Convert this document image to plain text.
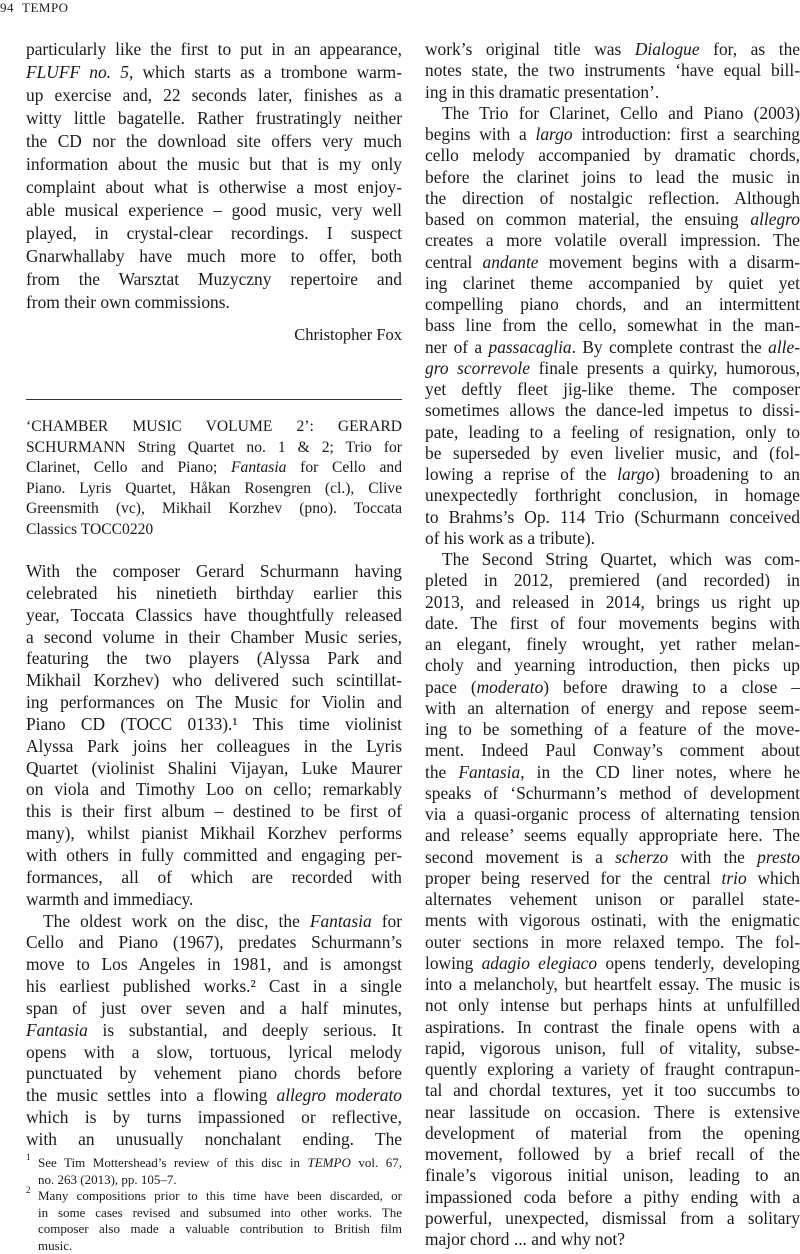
94 TEMPO
particularly like the first to put in an appearance,
FLUFF no. 5, which starts as a trombone warm-
up exercise and, 22 seconds later, finishes as a
witty little bagatelle. Rather frustratingly neither
the CD nor the download site offers very much
information about the music but that is my only
complaint about what is otherwise a most enjoy-
able musical experience – good music, very well
played, in crystal-clear recordings. I suspect
Gnarwhallaby have much more to offer, both
from the Warsztat Muzyczny repertoire and
from their own commissions.
Christopher Fox
‘CHAMBER MUSIC VOLUME 2’: GERARD
SCHURMANN String Quartet no. 1 & 2; Trio for
Clarinet, Cello and Piano; Fantasia for Cello and
Piano. Lyris Quartet, Håkan Rosengren (cl.), Clive
Greensmith (vc), Mikhail Korzhev (pno). Toccata
Classics TOCC0220
With the composer Gerard Schurmann having
celebrated his ninetieth birthday earlier this
year, Toccata Classics have thoughtfully released
a second volume in their Chamber Music series,
featuring the two players (Alyssa Park and
Mikhail Korzhev) who delivered such scintillat-
ing performances on The Music for Violin and
Piano CD (TOCC 0133).¹ This time violinist
Alyssa Park joins her colleagues in the Lyris
Quartet (violinist Shalini Vijayan, Luke Maurer
on viola and Timothy Loo on cello; remarkably
this is their first album – destined to be first of
many), whilst pianist Mikhail Korzhev performs
with others in fully committed and engaging per-
formances, all of which are recorded with
warmth and immediacy.
The oldest work on the disc, the Fantasia for
Cello and Piano (1967), predates Schurmann’s
move to Los Angeles in 1981, and is amongst
his earliest published works.² Cast in a single
span of just over seven and a half minutes,
Fantasia is substantial, and deeply serious. It
opens with a slow, tortuous, lyrical melody
punctuated by vehement piano chords before
the music settles into a flowing allegro moderato
which is by turns impassioned or reflective,
with an unusually nonchalant ending. The
work’s original title was Dialogue for, as the
notes state, the two instruments ‘have equal bill-
ing in this dramatic presentation’.
The Trio for Clarinet, Cello and Piano (2003)
begins with a largo introduction: first a searching
cello melody accompanied by dramatic chords,
before the clarinet joins to lead the music in
the direction of nostalgic reflection. Although
based on common material, the ensuing allegro
creates a more volatile overall impression. The
central andante movement begins with a disarm-
ing clarinet theme accompanied by quiet yet
compelling piano chords, and an intermittent
bass line from the cello, somewhat in the man-
ner of a passacaglia. By complete contrast the alle-
gro scorrevole finale presents a quirky, humorous,
yet deftly fleet jig-like theme. The composer
sometimes allows the dance-led impetus to dissi-
pate, leading to a feeling of resignation, only to
be superseded by even livelier music, and (fol-
lowing a reprise of the largo) broadening to an
unexpectedly forthright conclusion, in homage
to Brahms’s Op. 114 Trio (Schurmann conceived
of his work as a tribute).
The Second String Quartet, which was com-
pleted in 2012, premiered (and recorded) in
2013, and released in 2014, brings us right up
date. The first of four movements begins with
an elegant, finely wrought, yet rather melan-
choly and yearning introduction, then picks up
pace (moderato) before drawing to a close –
with an alternation of energy and repose seem-
ing to be something of a feature of the move-
ment. Indeed Paul Conway’s comment about
the Fantasia, in the CD liner notes, where he
speaks of ‘Schurmann’s method of development
via a quasi-organic process of alternating tension
and release’ seems equally appropriate here. The
second movement is a scherzo with the presto
proper being reserved for the central trio which
alternates vehement unison or parallel state-
ments with vigorous ostinati, with the enigmatic
outer sections in more relaxed tempo. The fol-
lowing adagio elegiaco opens tenderly, developing
into a melancholy, but heartfelt essay. The music is
not only intense but perhaps hints at unfulfilled
aspirations. In contrast the finale opens with a
rapid, vigorous unison, full of vitality, subse-
quently exploring a variety of fraught contrapun-
tal and chordal textures, yet it too succumbs to
near lassitude on occasion. There is extensive
development of material from the opening
movement, followed by a brief recall of the
finale’s vigorous initial unison, leading to an
impassioned coda before a pithy ending with a
powerful, unexpected, dismissal from a solitary
major chord ... and why not?
1 See Tim Mottershead’s review of this disc in TEMPO vol. 67,
no. 263 (2013), pp. 105–7.
2 Many compositions prior to this time have been discarded, or
in some cases revised and subsumed into other works. The
composer also made a valuable contribution to British film
music.
